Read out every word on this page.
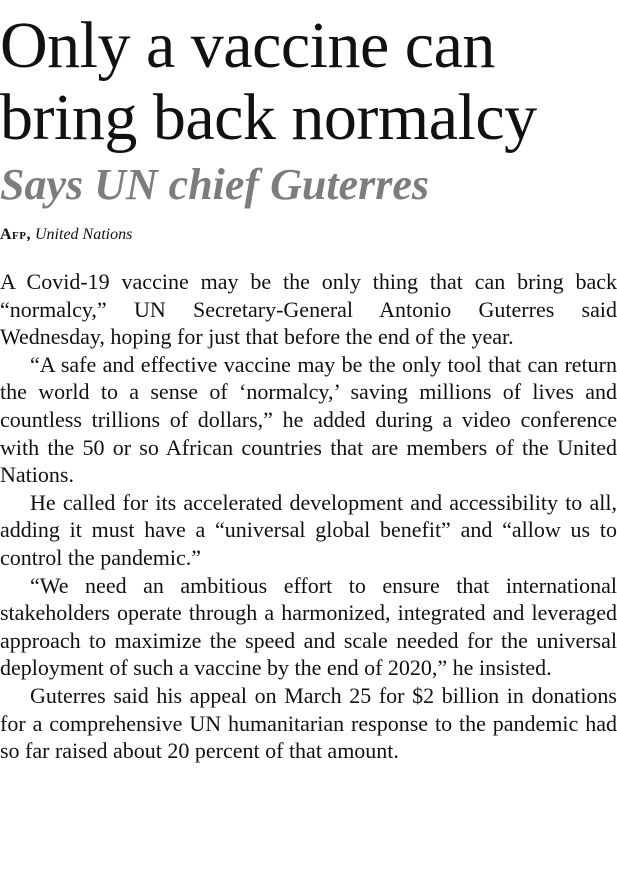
Only a vaccine can
bring back normalcy
Says UN chief Guterres
Afp, United Nations

A Covid-19 vaccine may be the only thing that can bring back “normalcy,” UN Secretary-General Antonio Guterres said Wednesday, hoping for just that before the end of the year.

“A safe and effective vaccine may be the only tool that can return the world to a sense of ‘normalcy,’ saving millions of lives and countless trillions of dollars,” he added during a video conference with the 50 or so African countries that are members of the United Nations.

He called for its accelerated development and accessibility to all, adding it must have a “universal global benefit” and “allow us to control the pandemic.”

“We need an ambitious effort to ensure that international stakeholders operate through a harmonized, integrated and leveraged approach to maximize the speed and scale needed for the universal deployment of such a vaccine by the end of 2020,” he insisted.

Guterres said his appeal on March 25 for $2 billion in donations for a comprehensive UN humanitarian response to the pandemic had so far raised about 20 percent of that amount.
